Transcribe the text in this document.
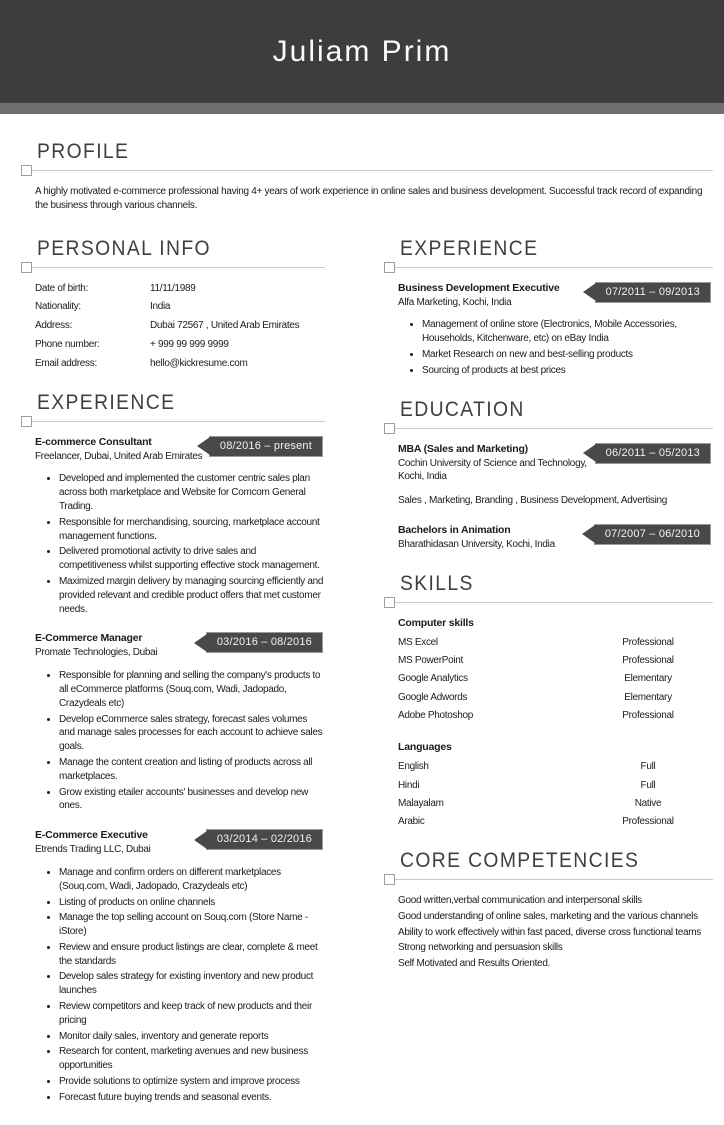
Juliam Prim
PROFILE

A highly motivated e-commerce professional having 4+ years of work experience in online sales and business development. Successful track record of expanding the business through various channels.

PERSONAL INFO
Date of birth:	11/11/1989
Nationality:	India
Address:	Dubai 72567 , United Arab Emirates
Phone number:	+ 999 99 999 9999
Email address:	hello@kickresume.com
EXPERIENCE
E-commerce Consultant
Freelancer, Dubai, United Arab Emirates
08/2016 – present
• Developed and implemented the customer centric sales plan across both marketplace and Website for Comcom General Trading.
• Responsible for merchandising, sourcing, marketplace account management functions.
• Delivered promotional activity to drive sales and competitiveness whilst supporting effective stock management.
• Maximized margin delivery by managing sourcing efficiently and provided relevant and credible product offers that met customer needs.
E-Commerce Manager
Promate Technologies, Dubai
03/2016 – 08/2016
• Responsible for planning and selling the company's products to all eCommerce platforms (Souq.com, Wadi, Jadopado, Crazydeals etc)
• Develop eCommerce sales strategy, forecast sales volumes and manage sales processes for each account to achieve sales goals.
• Manage the content creation and listing of products across all marketplaces.
• Grow existing etailer accounts' businesses and develop new ones.
E-Commerce Executive
Etrends Trading LLC, Dubai
03/2014 – 02/2016
• Manage and confirm orders on different marketplaces (Souq.com, Wadi, Jadopado, Crazydeals etc)
• Listing of products on online channels
• Manage the top selling account on Souq.com (Store Name -iStore)
• Review and ensure product listings are clear, complete & meet the standards
• Develop sales strategy for existing inventory and new product launches
• Review competitors and keep track of new products and their pricing
• Monitor daily sales, inventory and generate reports
• Research for content, marketing avenues and new business opportunities
• Provide solutions to optimize system and improve process
• Forecast future buying trends and seasonal events.
EXPERIENCE
Business Development Executive
Alfa Marketing, Kochi, India
07/2011 – 09/2013
• Management of online store (Electronics, Mobile Accessories, Households, Kitchenware, etc) on eBay India
• Market Research on new and best-selling products
• Sourcing of products at best prices
EDUCATION
MBA (Sales and Marketing)
Cochin University of Science and Technology, Kochi, India
06/2011 – 05/2013

Sales , Marketing, Branding , Business Development, Advertising

Bachelors in Animation
Bharathidasan University, Kochi, India
07/2007 – 06/2010
SKILLS
Computer skills
MS Excel	Professional
MS PowerPoint	Professional
Google Analytics	Elementary
Google Adwords	Elementary
Adobe Photoshop	Professional
Languages
English	Full
Hindi	Full
Malayalam	Native
Arabic	Professional
CORE COMPETENCIES

Good written,verbal communication and interpersonal skills

Good understanding of online sales, marketing and the various channels

Ability to work effectively within fast paced, diverse cross functional teams

Strong networking and persuasion skills

Self Motivated and Results Oriented.
